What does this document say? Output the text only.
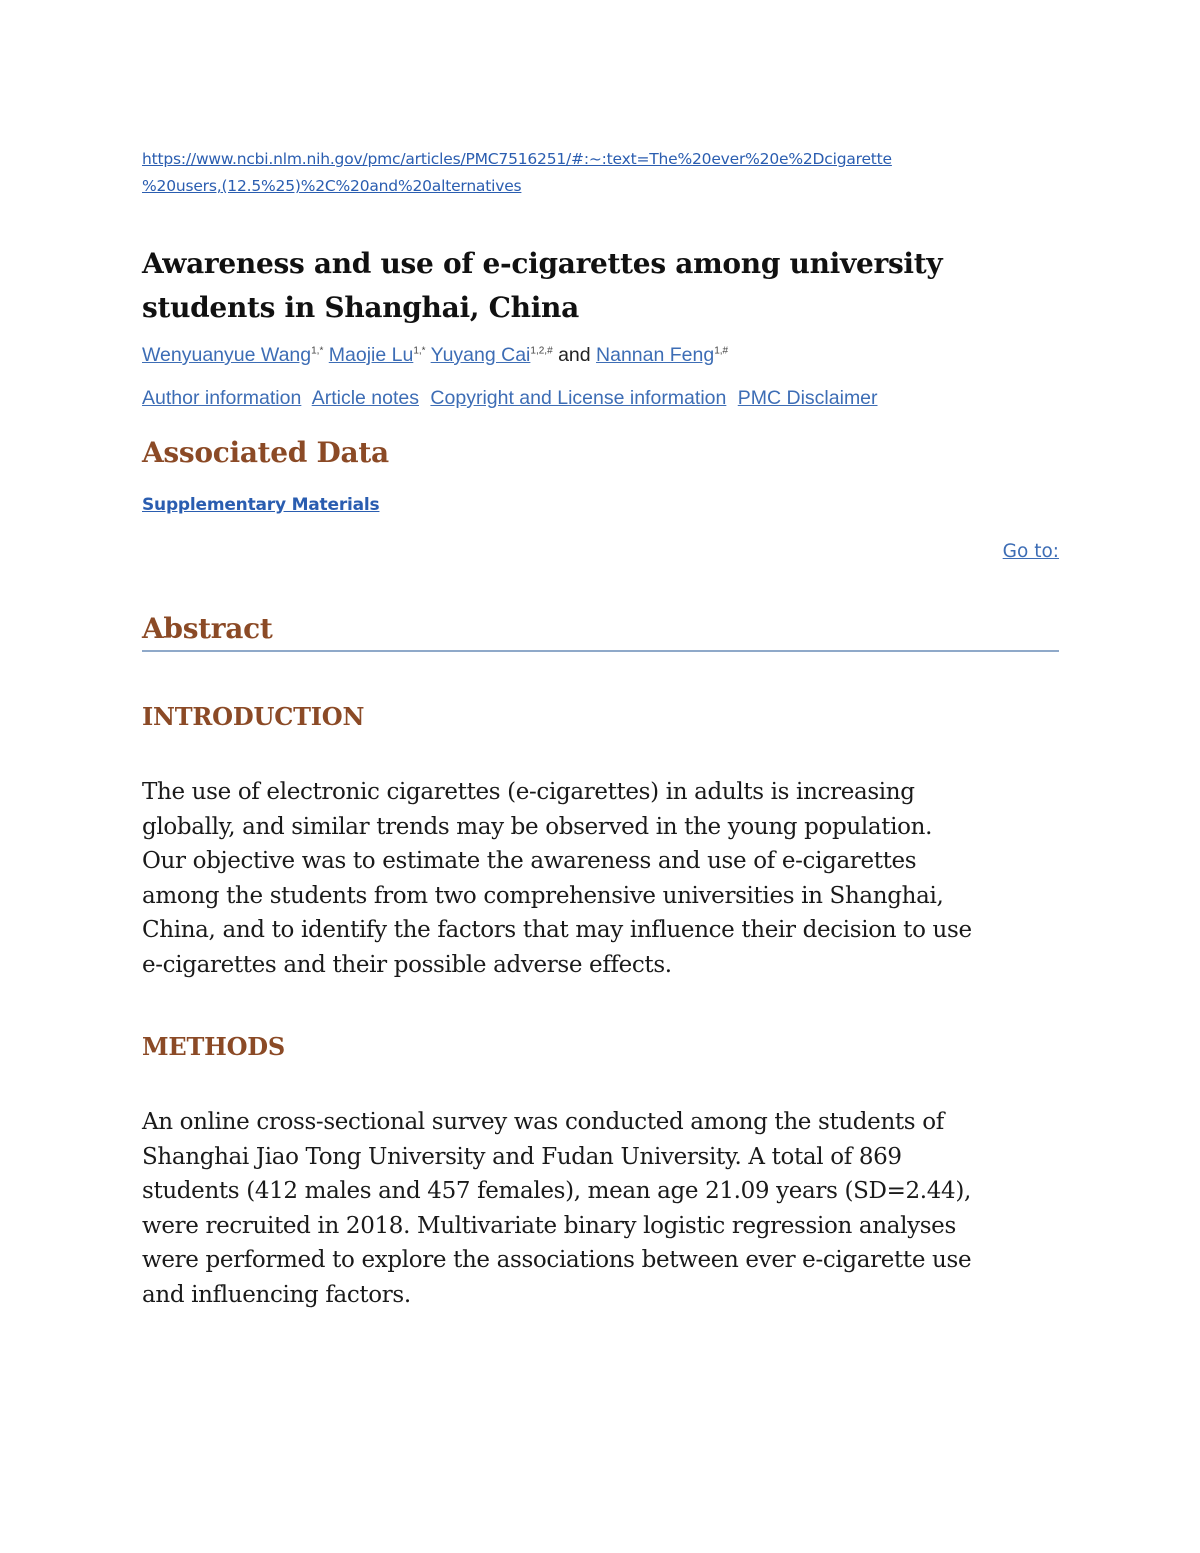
https://www.ncbi.nlm.nih.gov/pmc/articles/PMC7516251/#:~:text=The%20ever%20e%2Dcigarette
%20users,(12.5%25)%2C%20and%20alternatives
Awareness and use of e-cigarettes among university
students in Shanghai, China
Wenyuanyue Wang$^{1,*}$ Maojie $Lu^{1,*}$ Yuyang Cai$^{1,2,\#}$ and Nannan Feng$^{1,\#}$
Author information Article notes Copyright and License information PMC Disclaimer
Associated Data
Supplementary Materials
Go to:
Abstract
INTRODUCTION

The use of electronic cigarettes (e-cigarettes) in adults is increasing
globally, and similar trends may be observed in the young population.
Our objective was to estimate the awareness and use of e-cigarettes
among the students from two comprehensive universities in Shanghai,
China, and to identify the factors that may influence their decision to use
e-cigarettes and their possible adverse effects.

METHODS

An online cross-sectional survey was conducted among the students of
Shanghai Jiao Tong University and Fudan University. A total of 869
students (412 males and 457 females), mean age 21.09 years (SD=2.44),
were recruited in 2018. Multivariate binary logistic regression analyses
were performed to explore the associations between ever e-cigarette use
and influencing factors.
